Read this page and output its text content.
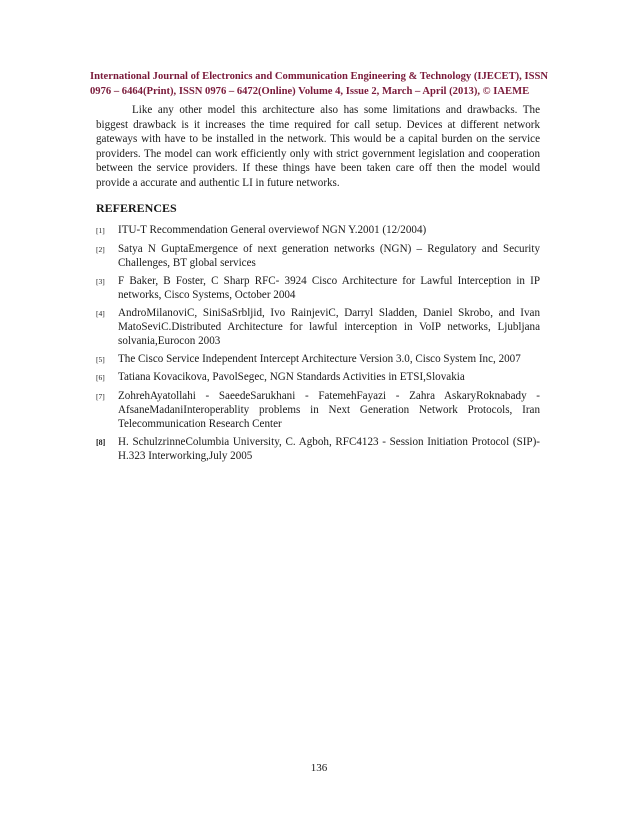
International Journal of Electronics and Communication Engineering & Technology (IJECET), ISSN
0976 – 6464(Print), ISSN 0976 – 6472(Online) Volume 4, Issue 2, March – April (2013), © IAEME

Like any other model this architecture also has some limitations and drawbacks. The biggest drawback is it increases the time required for call setup. Devices at different network gateways with have to be installed in the network. This would be a capital burden on the service providers. The model can work efficiently only with strict government legislation and cooperation between the service providers. If these things have been taken care off then the model would provide a accurate and authentic LI in future networks.

REFERENCES
[1]	ITU-T Recommendation General overviewof NGN Y.2001 (12/2004)
[2]	Satya N GuptaEmergence of next generation networks (NGN) – Regulatory and Security Challenges, BT global services
[3]	F Baker, B Foster, C Sharp RFC- 3924 Cisco Architecture for Lawful Interception in IP networks, Cisco Systems, October 2004
[4]	AndroMilanoviC, SiniSaSrbljid, Ivo RainjeviC, Darryl Sladden, Daniel Skrobo, and Ivan MatoSeviC.Distributed Architecture for lawful interception in VoIP networks, Ljubljana solvania,Eurocon 2003
[5]	The Cisco Service Independent Intercept Architecture Version 3.0, Cisco System Inc, 2007
[6]	Tatiana Kovacikova, PavolSegec, NGN Standards Activities in ETSI,Slovakia
[7]	ZohrehAyatollahi - SaeedeSarukhani - FatemehFayazi - Zahra AskaryRoknabady - AfsaneMadaniInteroperablity problems in Next Generation Network Protocols, Iran Telecommunication Research Center
[8]	H. SchulzrinneColumbia University, C. Agboh, RFC4123 - Session Initiation Protocol (SIP)-H.323 Interworking,July 2005
136
